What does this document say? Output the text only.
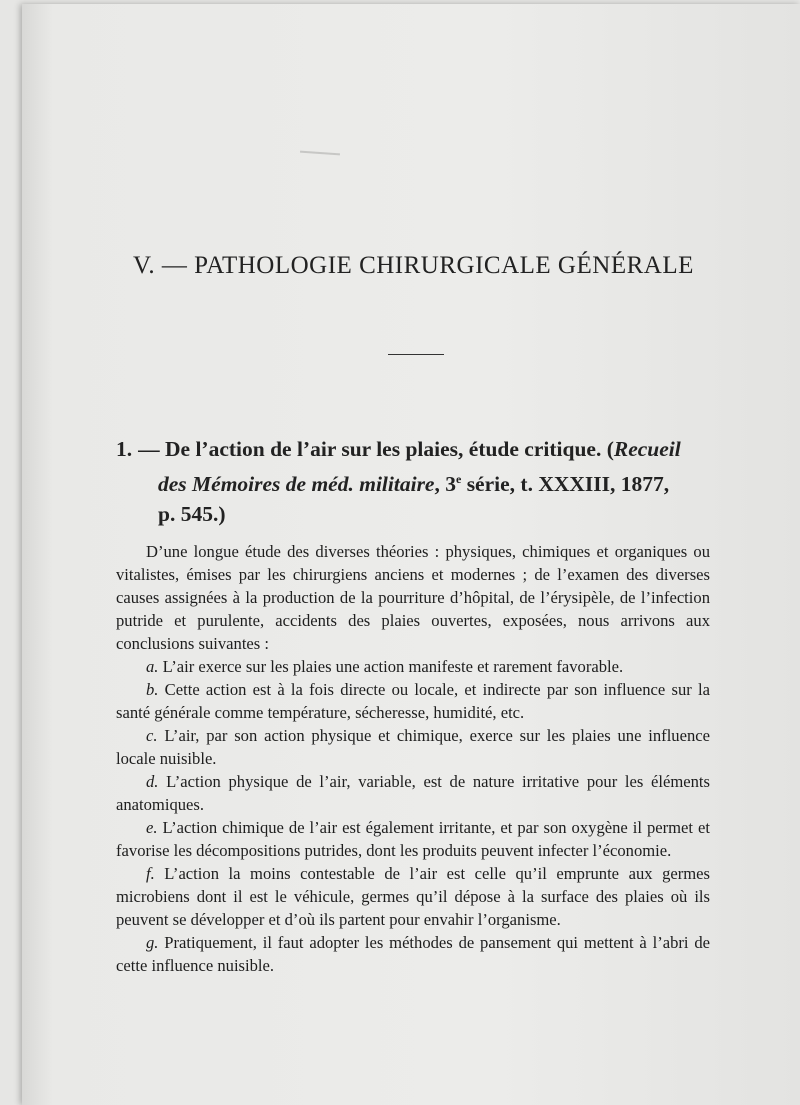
V. — PATHOLOGIE CHIRURGICALE GÉNÉRALE
1. — De l’action de l’air sur les plaies, étude critique. (Recueil
des Mémoires de méd. militaire, 3e série, t. XXXIII, 1877,
p. 545.)

D’une longue étude des diverses théories : physiques, chimiques et organiques ou vitalistes, émises par les chirurgiens anciens et modernes ; de l’examen des diverses causes assignées à la production de la pourriture d’hôpital, de l’érysipèle, de l’infection putride et purulente, accidents des plaies ouvertes, exposées, nous arrivons aux conclusions suivantes :

a. L’air exerce sur les plaies une action manifeste et rarement favorable.

b. Cette action est à la fois directe ou locale, et indirecte par son influence sur la santé générale comme température, sécheresse, humidité, etc.

c. L’air, par son action physique et chimique, exerce sur les plaies une influence locale nuisible.

d. L’action physique de l’air, variable, est de nature irritative pour les éléments anatomiques.

e. L’action chimique de l’air est également irritante, et par son oxygène il permet et favorise les décompositions putrides, dont les produits peuvent infecter l’économie.

f. L’action la moins contestable de l’air est celle qu’il emprunte aux germes microbiens dont il est le véhicule, germes qu’il dépose à la surface des plaies où ils peuvent se développer et d’où ils partent pour envahir l’organisme.

g. Pratiquement, il faut adopter les méthodes de pansement qui mettent à l’abri de cette influence nuisible.
